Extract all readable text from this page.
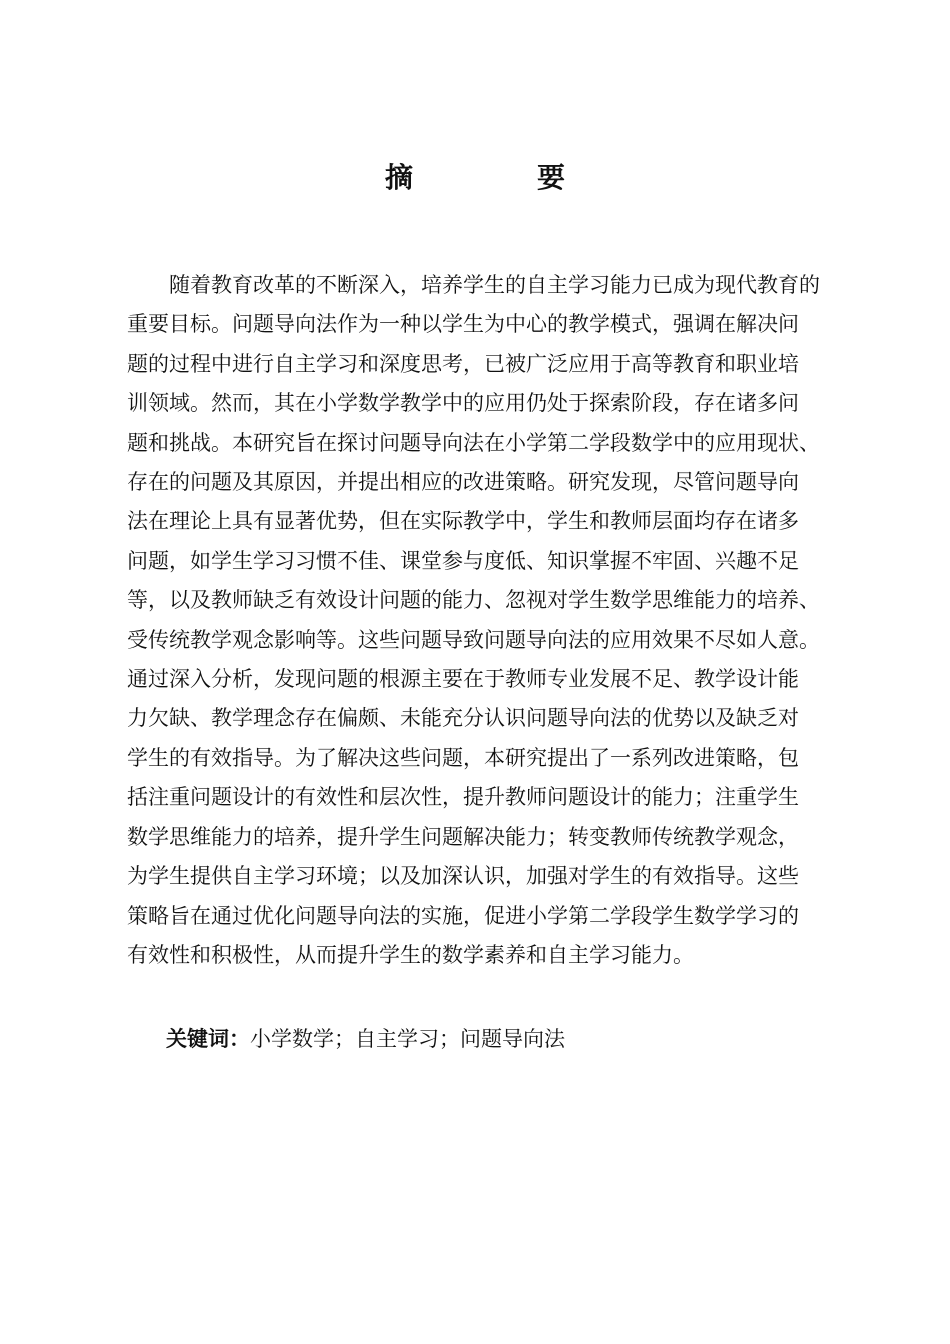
摘　要

随着教育改革的不断深入，培养学生的自主学习能力已成为现代教育的
重要目标。问题导向法作为一种以学生为中心的教学模式，强调在解决问
题的过程中进行自主学习和深度思考，已被广泛应用于高等教育和职业培
训领域。然而，其在小学数学教学中的应用仍处于探索阶段，存在诸多问
题和挑战。本研究旨在探讨问题导向法在小学第二学段数学中的应用现状、
存在的问题及其原因，并提出相应的改进策略。研究发现，尽管问题导向
法在理论上具有显著优势，但在实际教学中，学生和教师层面均存在诸多
问题，如学生学习习惯不佳、课堂参与度低、知识掌握不牢固、兴趣不足
等，以及教师缺乏有效设计问题的能力、忽视对学生数学思维能力的培养、
受传统教学观念影响等。这些问题导致问题导向法的应用效果不尽如人意。
通过深入分析，发现问题的根源主要在于教师专业发展不足、教学设计能
力欠缺、教学理念存在偏颇、未能充分认识问题导向法的优势以及缺乏对
学生的有效指导。为了解决这些问题，本研究提出了一系列改进策略，包
括注重问题设计的有效性和层次性，提升教师问题设计的能力；注重学生
数学思维能力的培养，提升学生问题解决能力；转变教师传统教学观念，
为学生提供自主学习环境；以及加深认识，加强对学生的有效指导。这些
策略旨在通过优化问题导向法的实施，促进小学第二学段学生数学学习的
有效性和积极性，从而提升学生的数学素养和自主学习能力。

关键词：小学数学；自主学习；问题导向法
